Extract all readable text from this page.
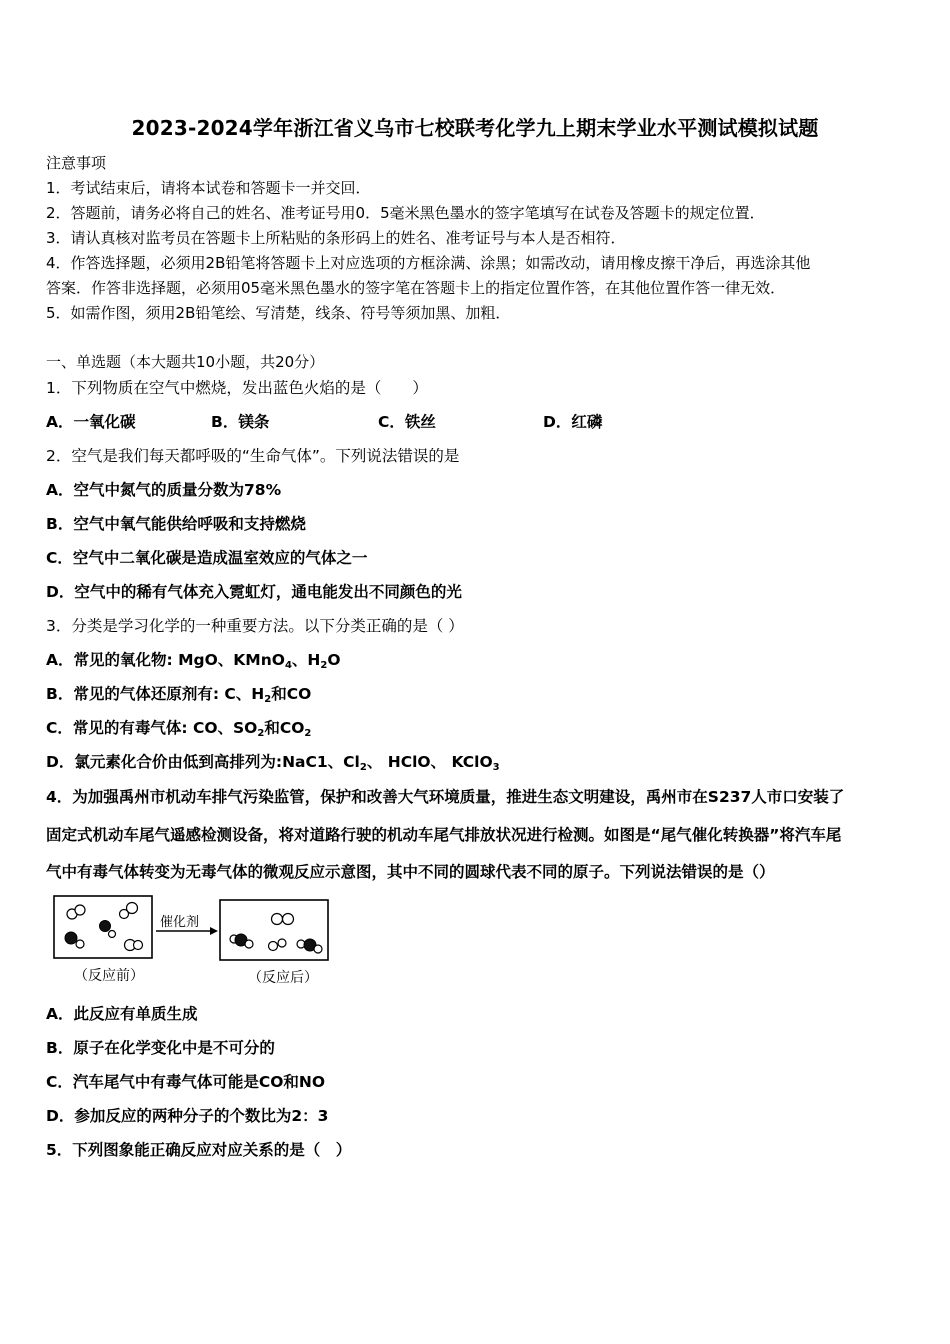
2023-2024学年浙江省义乌市七校联考化学九上期末学业水平测试模拟试题
注意事项
1．考试结束后，请将本试卷和答题卡一并交回．
2．答题前，请务必将自己的姓名、准考证号用0．5毫米黑色墨水的签字笔填写在试卷及答题卡的规定位置．
3．请认真核对监考员在答题卡上所粘贴的条形码上的姓名、准考证号与本人是否相符．
4．作答选择题，必须用2B铅笔将答题卡上对应选项的方框涂满、涂黑；如需改动，请用橡皮擦干净后，再选涂其他
答案．作答非选择题，必须用05毫米黑色墨水的签字笔在答题卡上的指定位置作答，在其他位置作答一律无效．
5．如需作图，须用2B铅笔绘、写清楚，线条、符号等须加黑、加粗．
一、单选题（本大题共10小题，共20分）
1．下列物质在空气中燃烧，发出蓝色火焰的是（　　）
A．一氧化碳	B．镁条	C．铁丝	D．红磷
2．空气是我们每天都呼吸的“生命气体”。下列说法错误的是
A．空气中氮气的质量分数为78%
B．空气中氧气能供给呼吸和支持燃烧
C．空气中二氧化碳是造成温室效应的气体之一
D．空气中的稀有气体充入霓虹灯，通电能发出不同颜色的光
3．分类是学习化学的一种重要方法。以下分类正确的是（ ）
A．常见的氧化物: MgO、KMnO$_4$、$H_2O$
B．常见的气体还原剂有: C、$H_2$和CO
C．常见的有毒气体: CO、$SO_2$和$CO_2$
D．氯元素化合价由低到高排列为:NaC1、$Cl_2$、 HClO、 KClO$_3$
4．为加强禹州市机动车排气污染监管，保护和改善大气环境质量，推进生态文明建设，禹州市在S237人市口安装了
固定式机动车尾气遥感检测设备，将对道路行驶的机动车尾气排放状况进行检测。如图是“尾气催化转换器”将汽车尾
气中有毒气体转变为无毒气体的微观反应示意图，其中不同的圆球代表不同的原子。下列说法错误的是（）
催化剂
（反应前）	（反应后）
A．此反应有单质生成
B．原子在化学变化中是不可分的
C．汽车尾气中有毒气体可能是CO和NO
D．参加反应的两种分子的个数比为2：3
5．下列图象能正确反应对应关系的是（　）
